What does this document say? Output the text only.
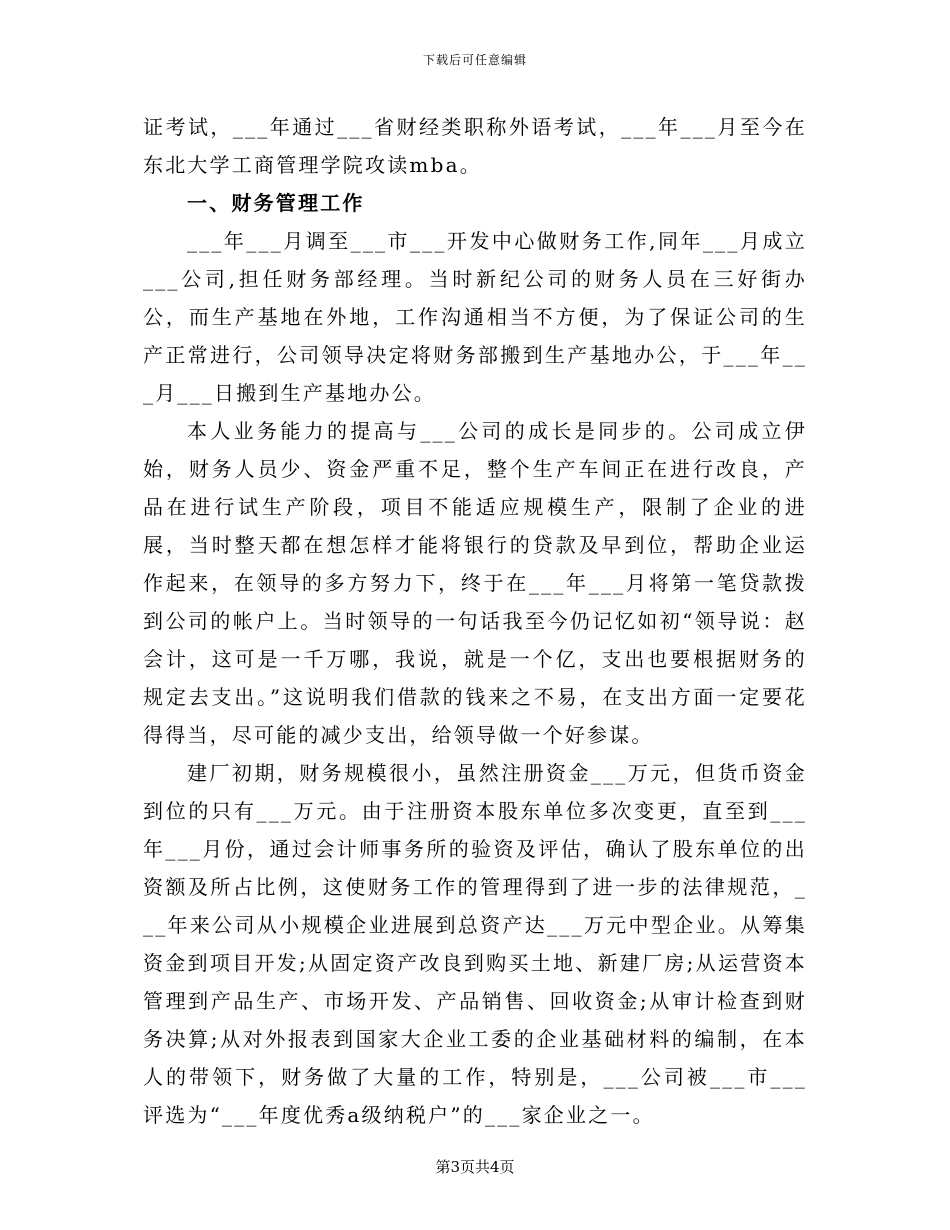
下载后可任意编辑

证考试，___年通过___省财经类职称外语考试，___年___月至今在东北大学工商管理学院攻读mba。

一、财务管理工作

___年___月调至___市___开发中心做财务工作,同年___月成立___公司,担任财务部经理。当时新纪公司的财务人员在三好街办公，而生产基地在外地，工作沟通相当不方便，为了保证公司的生产正常进行，公司领导决定将财务部搬到生产基地办公，于___年___月___日搬到生产基地办公。

本人业务能力的提高与___公司的成长是同步的。公司成立伊始，财务人员少、资金严重不足，整个生产车间正在进行改良，产品在进行试生产阶段，项目不能适应规模生产，限制了企业的进展，当时整天都在想怎样才能将银行的贷款及早到位，帮助企业运作起来，在领导的多方努力下，终于在___年___月将第一笔贷款拨到公司的帐户上。当时领导的一句话我至今仍记忆如初“领导说：赵会计，这可是一千万哪，我说，就是一个亿，支出也要根据财务的规定去支出。”这说明我们借款的钱来之不易，在支出方面一定要花得得当，尽可能的减少支出，给领导做一个好参谋。

建厂初期，财务规模很小，虽然注册资金___万元，但货币资金到位的只有___万元。由于注册资本股东单位多次变更，直至到___年___月份，通过会计师事务所的验资及评估，确认了股东单位的出资额及所占比例，这使财务工作的管理得到了进一步的法律规范，___年来公司从小规模企业进展到总资产达___万元中型企业。从筹集资金到项目开发;从固定资产改良到购买土地、新建厂房;从运营资本管理到产品生产、市场开发、产品销售、回收资金;从审计检查到财务决算;从对外报表到国家大企业工委的企业基础材料的编制，在本人的带领下，财务做了大量的工作，特别是，___公司被___市___评选为“___年度优秀a级纳税户”的___家企业之一。

第3页共4页
